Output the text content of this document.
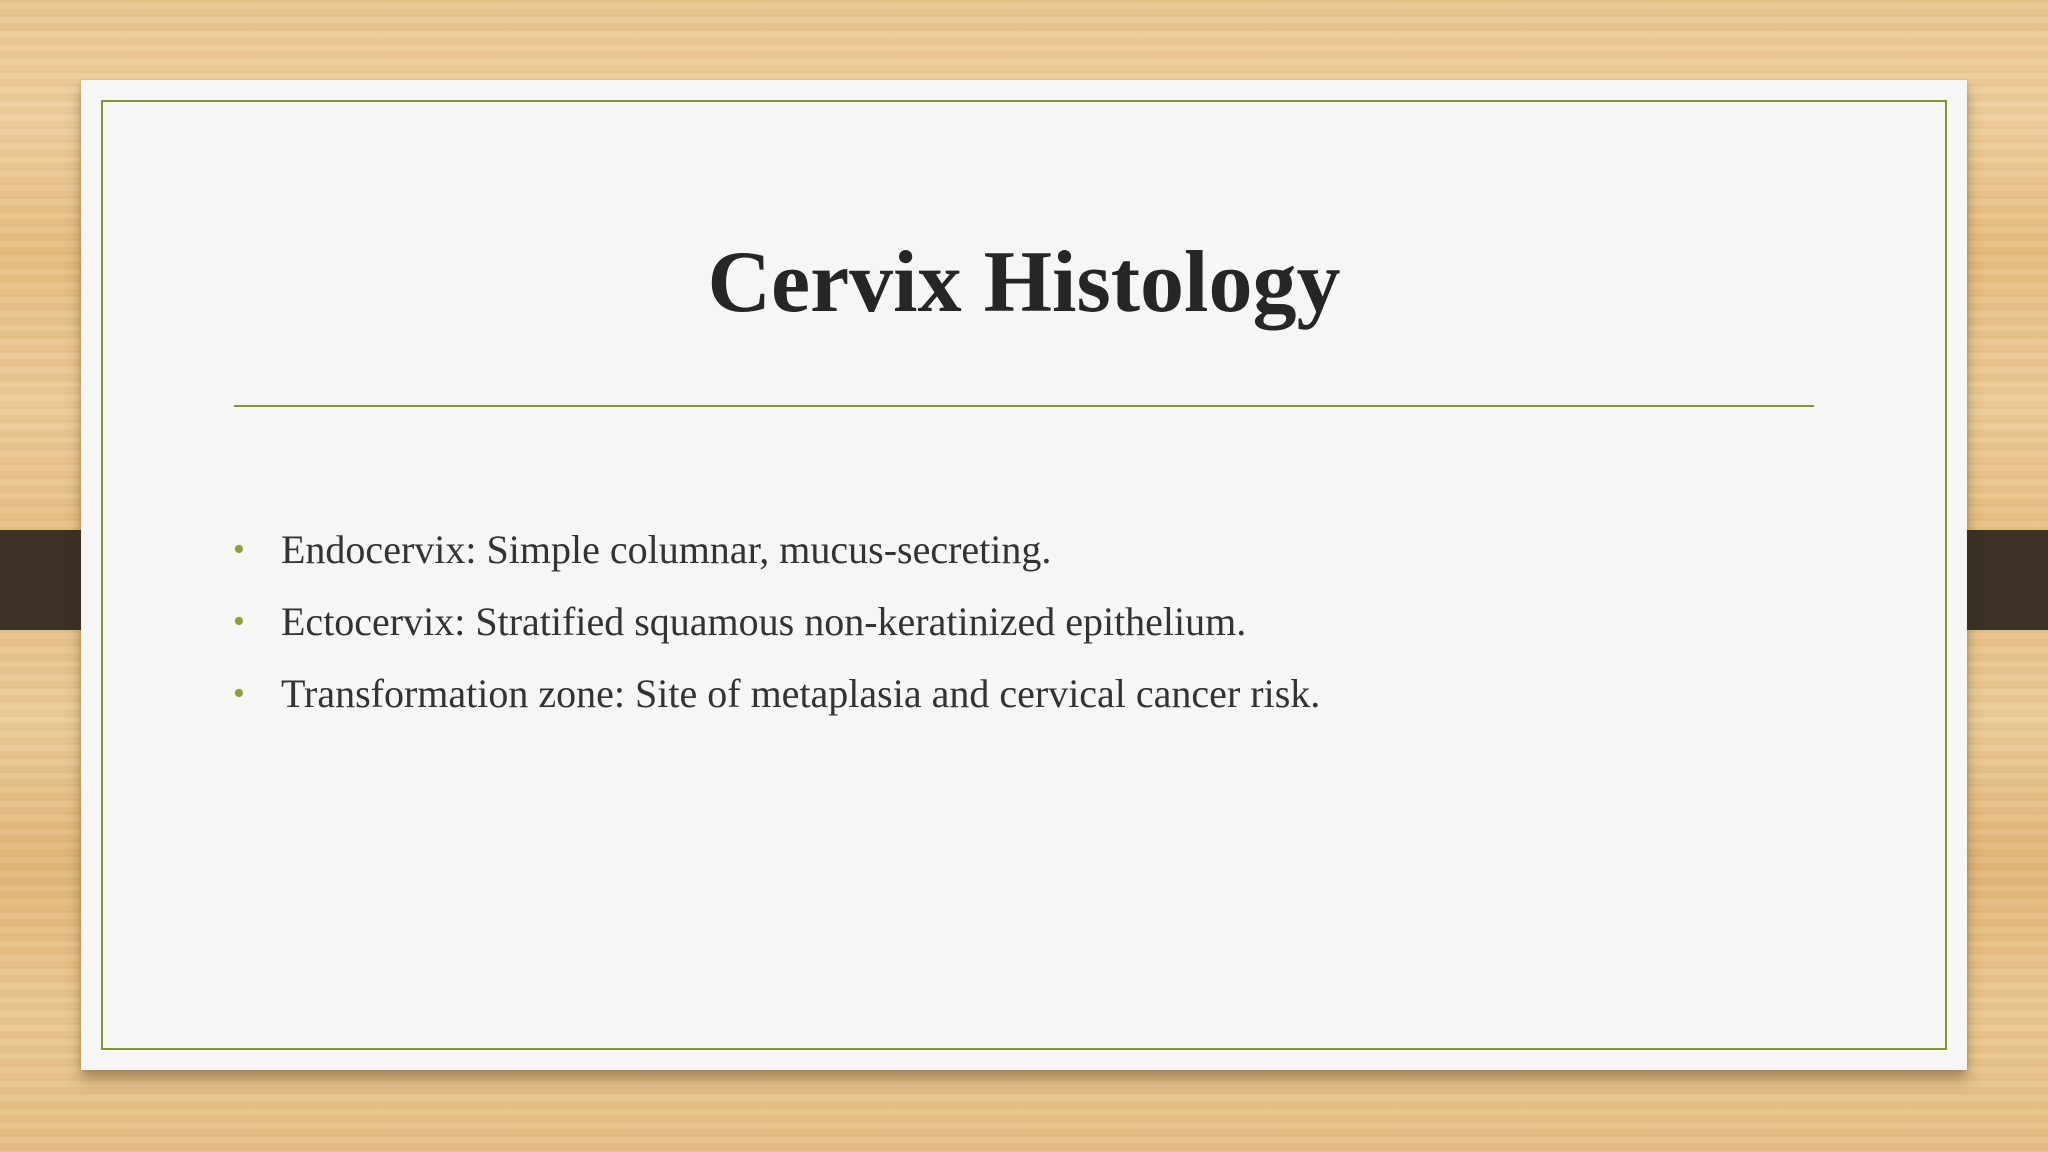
Cervix Histology
• Endocervix: Simple columnar, mucus-secreting.
• Ectocervix: Stratified squamous non-keratinized epithelium.
• Transformation zone: Site of metaplasia and cervical cancer risk.
